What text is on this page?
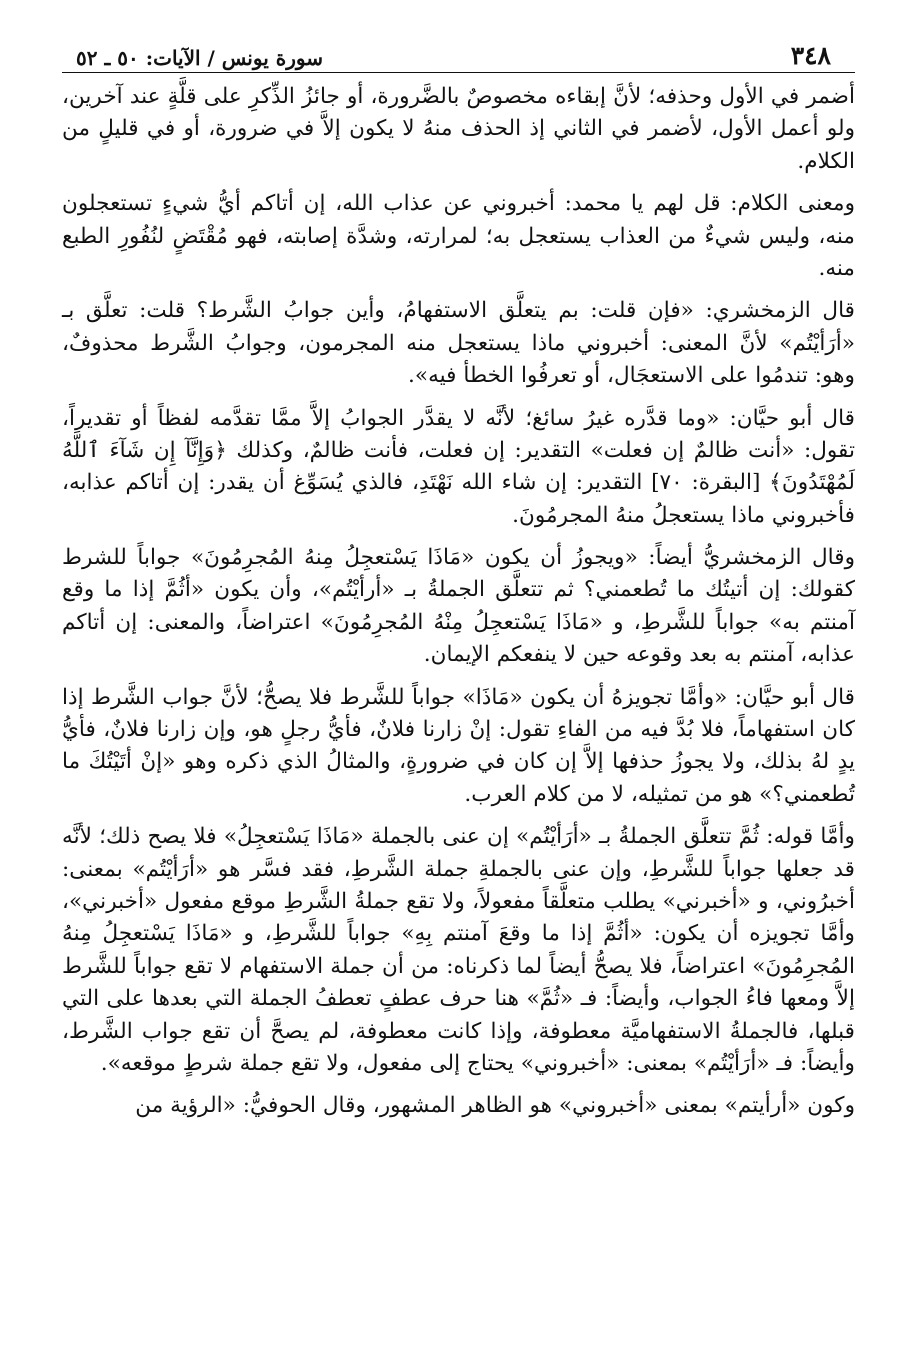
٣٤٨
سورة يونس / الآيات: ٥٠ ـ ٥٢

أضمر في الأول وحذفه؛ لأنَّ إبقاءه مخصوصٌ بالضَّرورة، أو جائزُ الذِّكرِ على قلَّةٍ عند آخرين، ولو أعمل الأول، لأضمر في الثاني إذ الحذف منهُ لا يكون إلاَّ في ضرورة، أو في قليلٍ من الكلام.

ومعنى الكلام: قل لهم يا محمد: أخبروني عن عذاب الله، إن أتاكم أيُّ شيءٍ تستعجلون منه، وليس شيءٌ من العذاب يستعجل به؛ لمرارته، وشدَّة إصابته، فهو مُقْتَضٍ لنُفُورِ الطبع منه.

قال الزمخشري: «فإن قلت: بم يتعلَّق الاستفهامُ، وأين جوابُ الشَّرط؟ قلت: تعلَّق بـ «أرَأيْتُم» لأنَّ المعنى: أخبروني ماذا يستعجل منه المجرمون، وجوابُ الشَّرط محذوفٌ، وهو: تندمُوا على الاستعجَال، أو تعرفُوا الخطأ فيه».

قال أبو حيَّان: «وما قدَّره غيرُ سائغ؛ لأنَّه لا يقدَّر الجوابُ إلاَّ ممَّا تقدَّمه لفظاً أو تقديراً، تقول: «أنت ظالمٌ إن فعلت» التقدير: إن فعلت، فأنت ظالمٌ، وكذلك ﴿وَإِنَّآ إِن شَآءَ ٱللَّهُ لَمُهْتَدُونَ﴾ [البقرة: ٧٠] التقدير: إن شاء الله نَهْتَدِ، فالذي يُسَوِّغ أن يقدر: إن أتاكم عذابه، فأخبروني ماذا يستعجلُ منهُ المجرمُونَ.

وقال الزمخشريُّ أيضاً: «ويجوزُ أن يكون «مَاذَا يَسْتعجِلُ مِنهُ المُجرِمُونَ» جواباً للشرط كقولك: إن أتيتُك ما تُطعمني؟ ثم تتعلَّق الجملةُ بـ «أرأيْتُم»، وأن يكون «أثُمَّ إذا ما وقع آمنتم به» جواباً للشَّرطِ، و «مَاذَا يَسْتعجِلُ مِنْهُ المُجرِمُونَ» اعتراضاً، والمعنى: إن أتاكم عذابه، آمنتم به بعد وقوعه حين لا ينفعكم الإيمان.

قال أبو حيَّان: «وأمَّا تجويزهُ أن يكون «مَاذَا» جواباً للشَّرط فلا يصحُّ؛ لأنَّ جواب الشَّرط إذا كان استفهاماً، فلا بُدَّ فيه من الفاءِ تقول: إنْ زارنا فلانٌ، فأيُّ رجلٍ هو، وإن زارنا فلانٌ، فأيُّ يدٍ لهُ بذلك، ولا يجوزُ حذفها إلاَّ إن كان في ضرورةٍ، والمثالُ الذي ذكره وهو «إنْ أتَيْتُكَ ما تُطعمني؟» هو من تمثيله، لا من كلام العرب.

وأمَّا قوله: ثُمَّ تتعلَّق الجملةُ بـ «أرَأيْتُم» إن عنى بالجملة «مَاذَا يَسْتعجِلُ» فلا يصح ذلك؛ لأنَّه قد جعلها جواباً للشَّرطِ، وإن عنى بالجملةِ جملة الشَّرطِ، فقد فسَّر هو «أرَأيْتُم» بمعنى: أخبرُوني، و «أخبرني» يطلب متعلَّقاً مفعولاً، ولا تقع جملةُ الشَّرطِ موقع مفعول «أخبرني»، وأمَّا تجويزه أن يكون: «أثُمَّ إذا ما وقعَ آمنتم بِهِ» جواباً للشَّرطِ، و «مَاذَا يَسْتعجِلُ مِنهُ المُجرِمُونَ» اعتراضاً، فلا يصحُّ أيضاً لما ذكرناه: من أن جملة الاستفهام لا تقع جواباً للشَّرط إلاَّ ومعها فاءُ الجواب، وأيضاً: فـ «ثُمَّ» هنا حرف عطفٍ تعطفُ الجملة التي بعدها على التي قبلها، فالجملةُ الاستفهاميَّة معطوفة، وإذا كانت معطوفة، لم يصحَّ أن تقع جواب الشَّرط، وأيضاً: فـ «أرَأيْتُم» بمعنى: «أخبروني» يحتاج إلى مفعول، ولا تقع جملة شرطٍ موقعه».

وكون «أرأيتم» بمعنى «أخبروني» هو الظاهر المشهور، وقال الحوفيُّ: «الرؤية من
